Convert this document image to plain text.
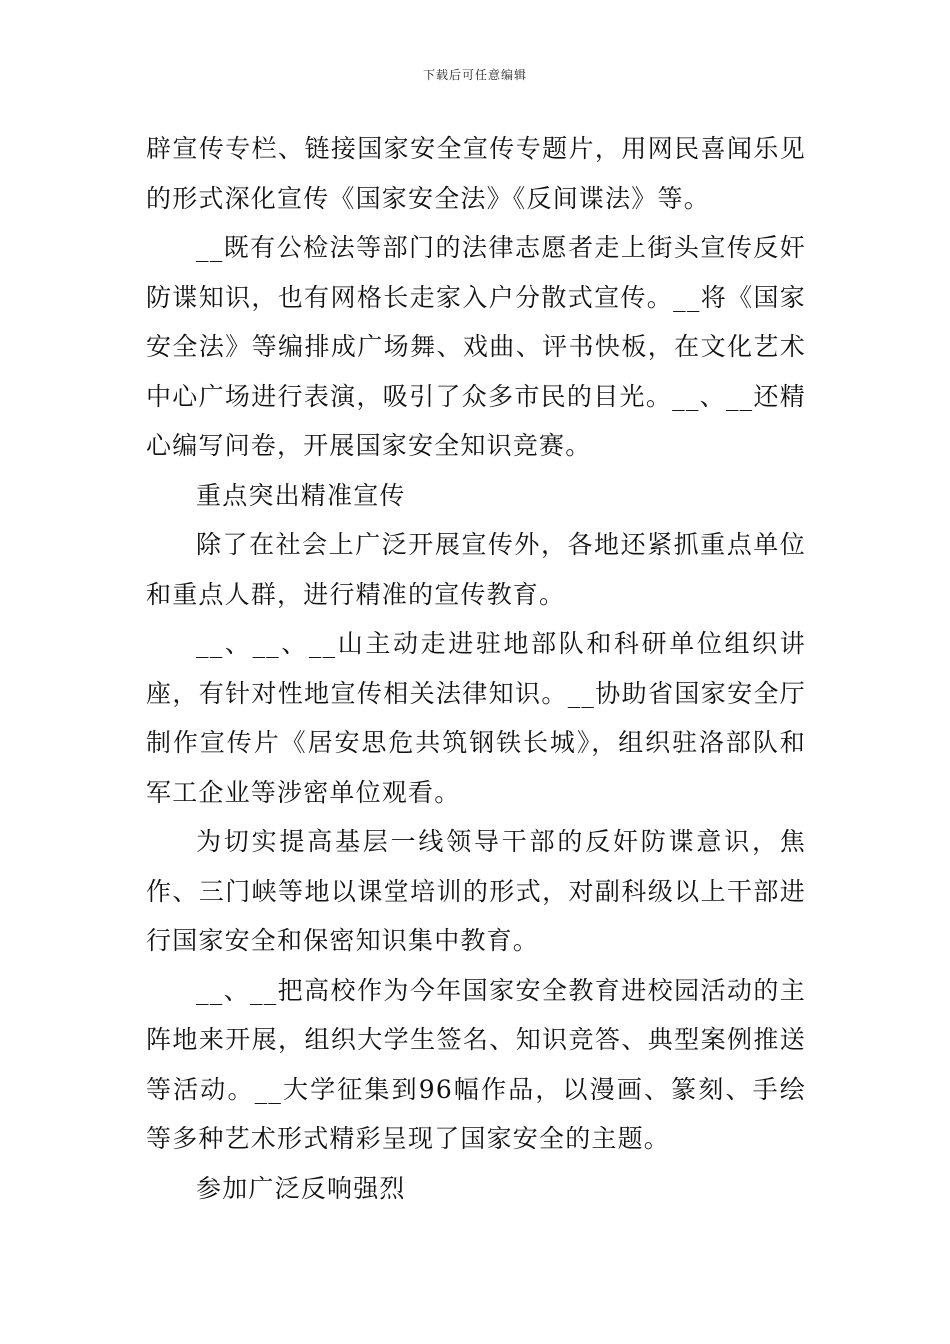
下载后可任意编辑

辟宣传专栏、链接国家安全宣传专题片，用网民喜闻乐见的形式深化宣传《国家安全法》《反间谍法》等。

__既有公检法等部门的法律志愿者走上街头宣传反奸防谍知识，也有网格长走家入户分散式宣传。__将《国家安全法》等编排成广场舞、戏曲、评书快板，在文化艺术中心广场进行表演，吸引了众多市民的目光。__、__还精心编写问卷，开展国家安全知识竞赛。

重点突出精准宣传

除了在社会上广泛开展宣传外，各地还紧抓重点单位和重点人群，进行精准的宣传教育。

__、__、__山主动走进驻地部队和科研单位组织讲座，有针对性地宣传相关法律知识。__协助省国家安全厅制作宣传片《居安思危共筑钢铁长城》，组织驻洛部队和军工企业等涉密单位观看。

为切实提高基层一线领导干部的反奸防谍意识，焦作、三门峡等地以课堂培训的形式，对副科级以上干部进行国家安全和保密知识集中教育。

__、__把高校作为今年国家安全教育进校园活动的主阵地来开展，组织大学生签名、知识竞答、典型案例推送等活动。__大学征集到96幅作品，以漫画、篆刻、手绘等多种艺术形式精彩呈现了国家安全的主题。

参加广泛反响强烈
